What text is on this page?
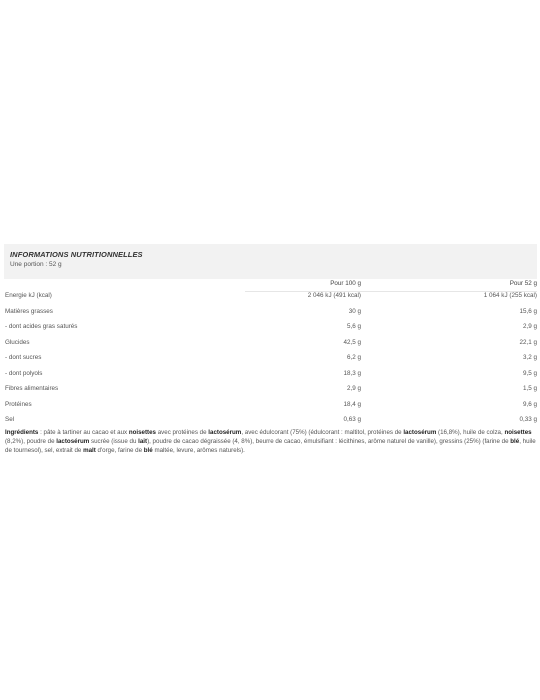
INFORMATIONS NUTRITIONNELLES
Une portion : 52 g
	Pour 100 g	Pour 52 g
Energie kJ (kcal)	2 046 kJ (491 kcal)	1 064 kJ (255 kcal)
Matières grasses	30 g	15,6 g
- dont acides gras saturés	5,6 g	2,9 g
Glucides	42,5 g	22,1 g
- dont sucres	6,2 g	3,2 g
- dont polyols	18,3 g	9,5 g
Fibres alimentaires	2,9 g	1,5 g
Protéines	18,4 g	9,6 g
Sel	0,63 g	0,33 g
Ingrédients : pâte à tartiner au cacao et aux noisettes avec protéines de lactosérum, avec édulcorant (75%) (édulcorant : maltitol, protéines de lactosérum (16,8%), huile de colza, noisettes (8,2%), poudre de lactosérum sucrée (issue du lait), poudre de cacao dégraissée (4, 8%), beurre de cacao, émulsifiant : lécithines, arôme naturel de vanille), gressins (25%) (farine de blé, huile de tournesol), sel, extrait de malt d'orge, farine de blé maltée, levure, arômes naturels).
